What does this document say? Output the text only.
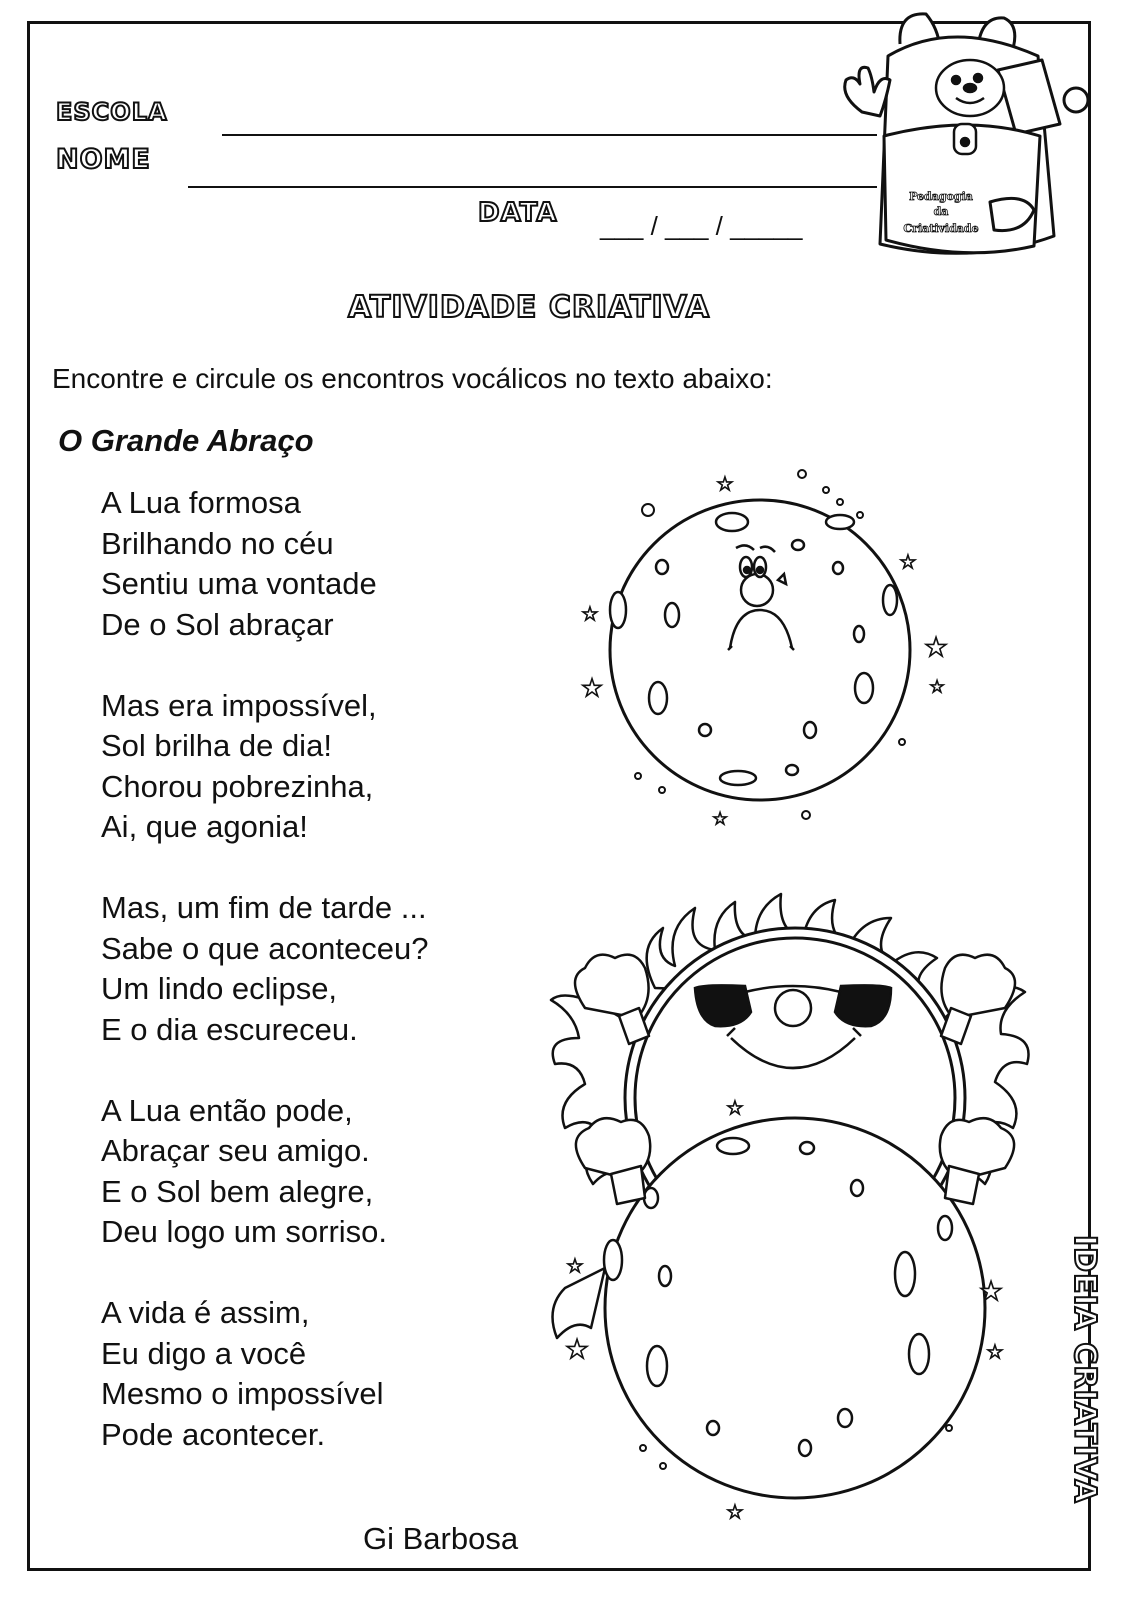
ESCOLA
NOME
DATA ___ / ___ / _____
Pedagogia
da
Criatividade
ATIVIDADE CRIATIVA
Encontre e circule os encontros vocálicos no texto abaixo:
O Grande Abraço
A Lua formosa
Brilhando no céu
Sentiu uma vontade
De o Sol abraçar
Mas era impossível,
Sol brilha de dia!
Chorou pobrezinha,
Ai, que agonia!
Mas, um fim de tarde ...
Sabe o que aconteceu?
Um lindo eclipse,
E o dia escureceu.
A Lua então pode,
Abraçar seu amigo.
E o Sol bem alegre,
Deu logo um sorriso.
A vida é assim,
Eu digo a você
Mesmo o impossível
Pode acontecer.
Gi Barbosa
★
★
★
★
★	★
★
★
★
★
★	★
★
IDEIA CRIATIVA
